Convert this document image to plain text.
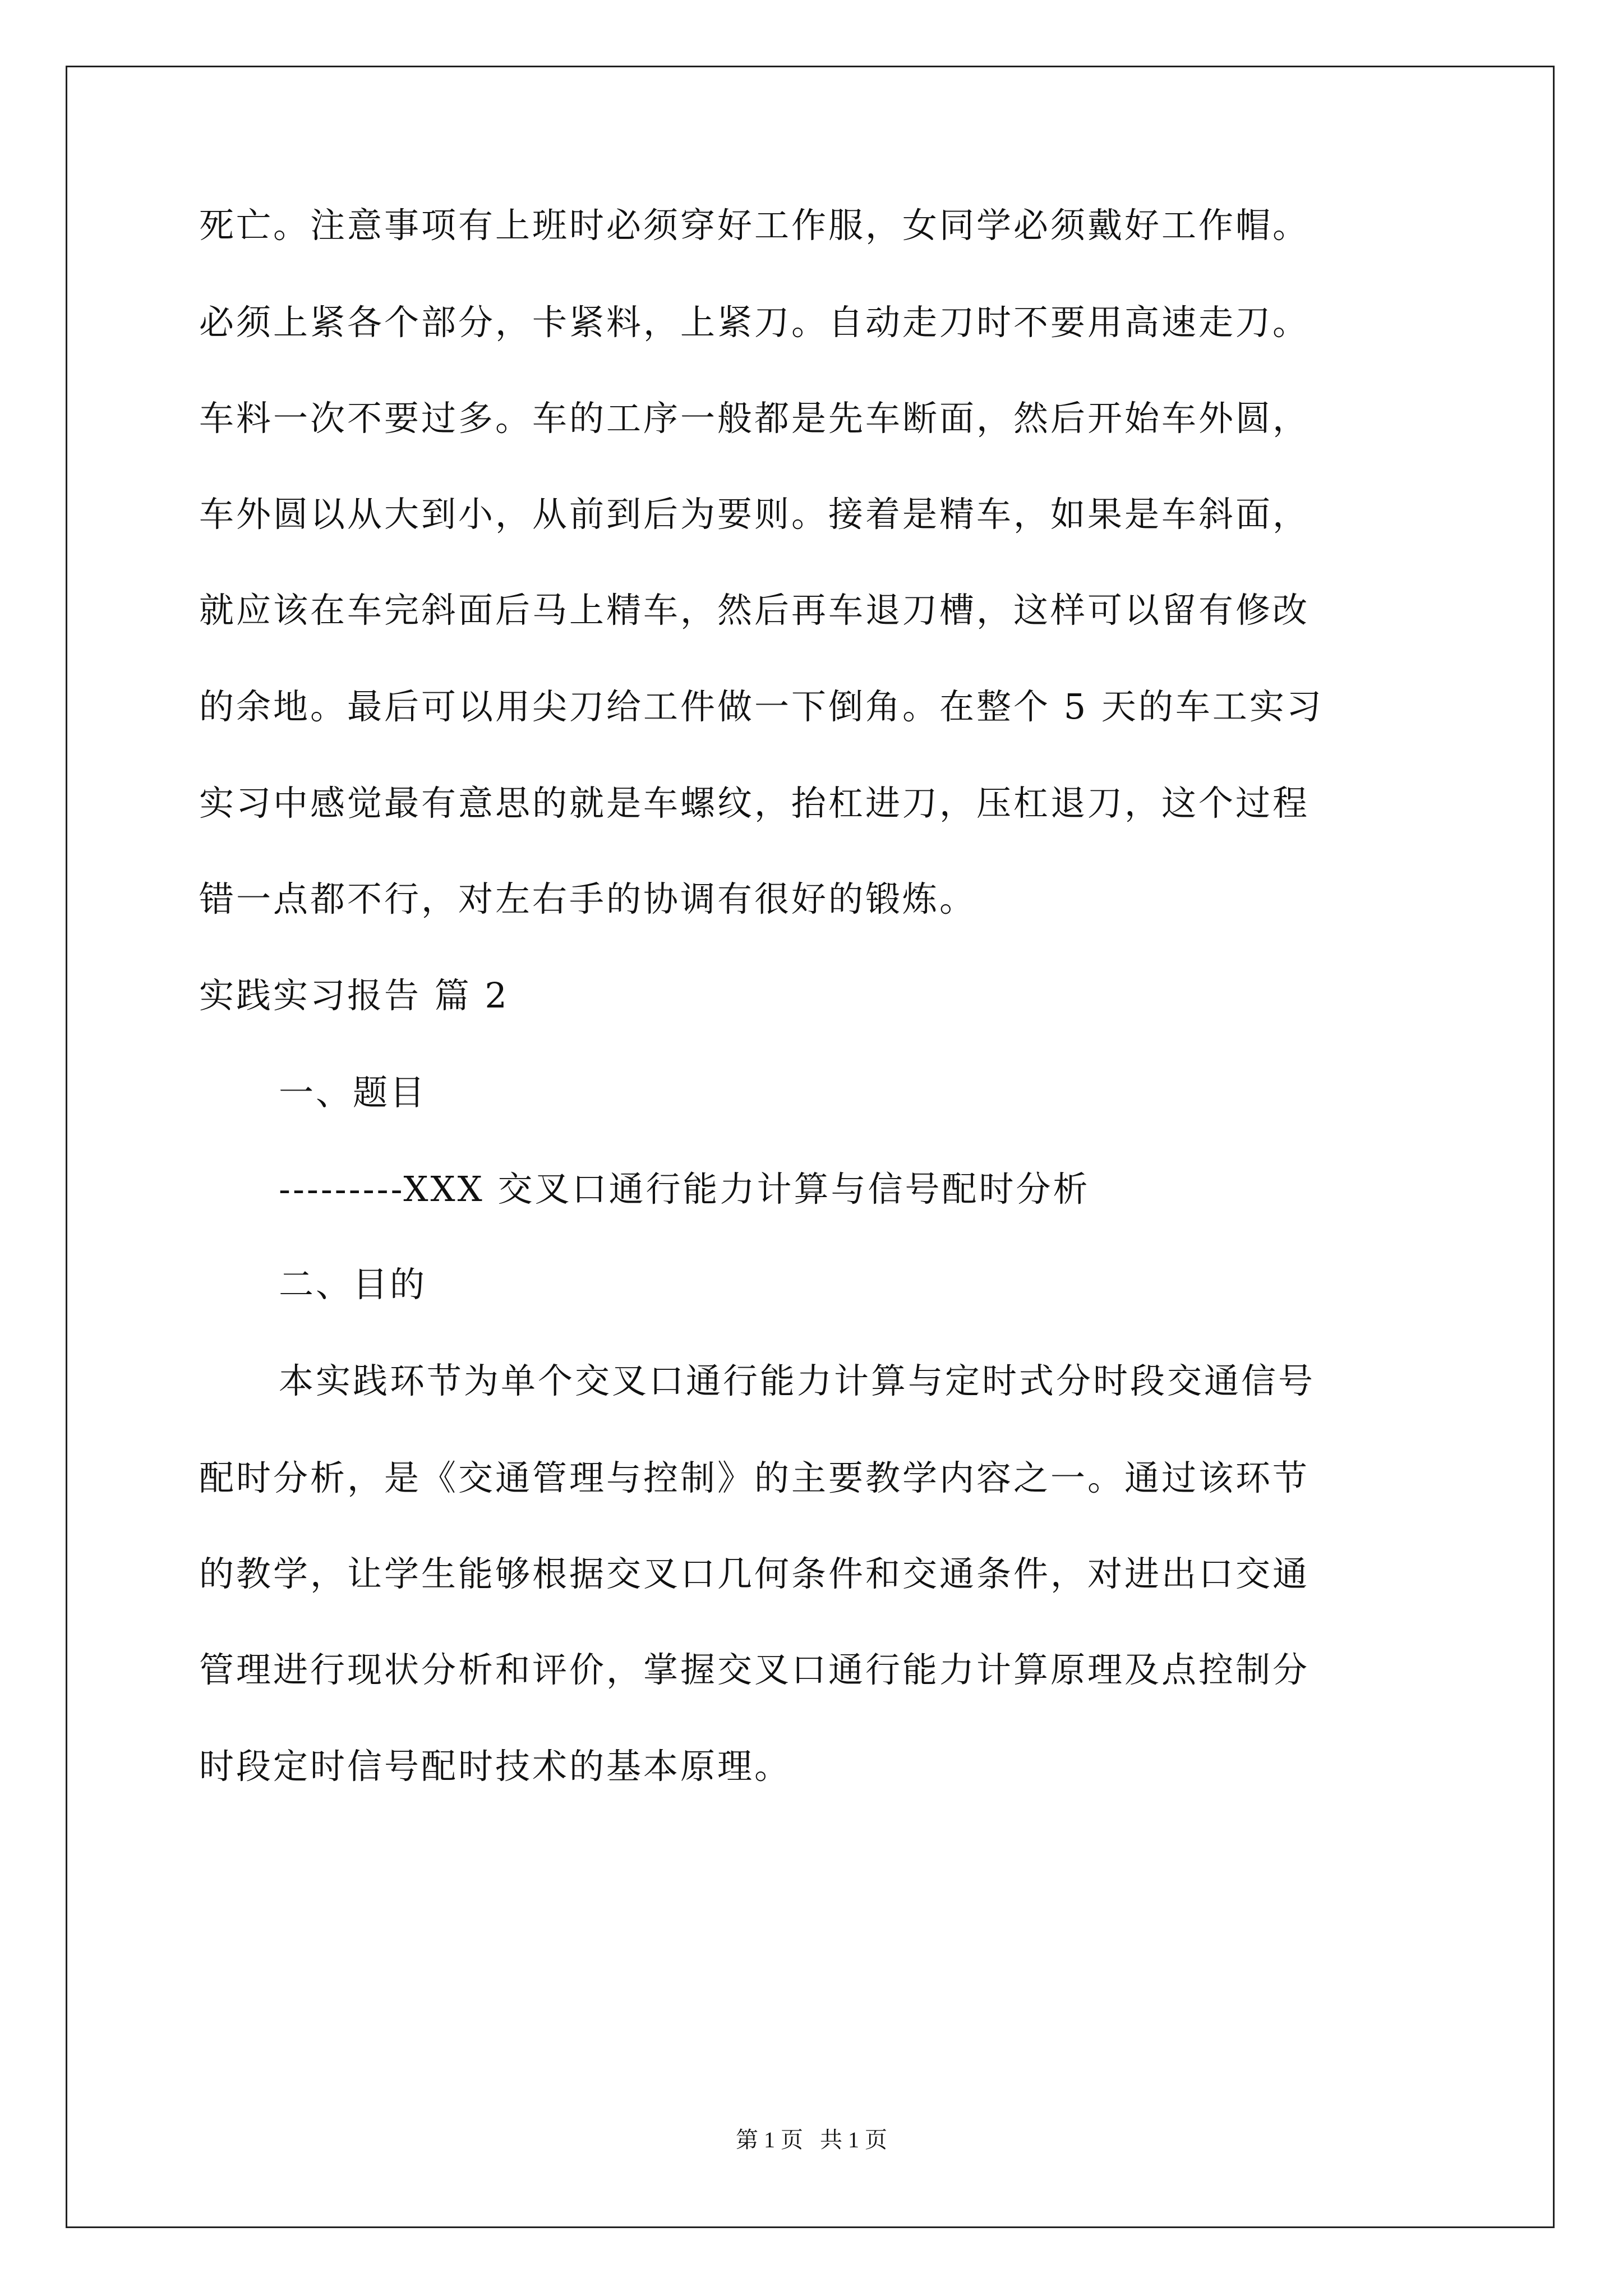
死亡。注意事项有上班时必须穿好工作服，女同学必须戴好工作帽。
必须上紧各个部分，卡紧料，上紧刀。自动走刀时不要用高速走刀。
车料一次不要过多。车的工序一般都是先车断面，然后开始车外圆，
车外圆以从大到小，从前到后为要则。接着是精车，如果是车斜面，
就应该在车完斜面后马上精车，然后再车退刀槽，这样可以留有修改
的余地。最后可以用尖刀给工件做一下倒角。在整个 5 天的车工实习
实习中感觉最有意思的就是车螺纹，抬杠进刀，压杠退刀，这个过程
错一点都不行，对左右手的协调有很好的锻炼。
实践实习报告 篇 2
一、题目
---------XXX 交叉口通行能力计算与信号配时分析
二、目的
本实践环节为单个交叉口通行能力计算与定时式分时段交通信号
配时分析，是《交通管理与控制》的主要教学内容之一。通过该环节
的教学，让学生能够根据交叉口几何条件和交通条件，对进出口交通
管理进行现状分析和评价，掌握交叉口通行能力计算原理及点控制分
时段定时信号配时技术的基本原理。
第 1 页   共 1 页
